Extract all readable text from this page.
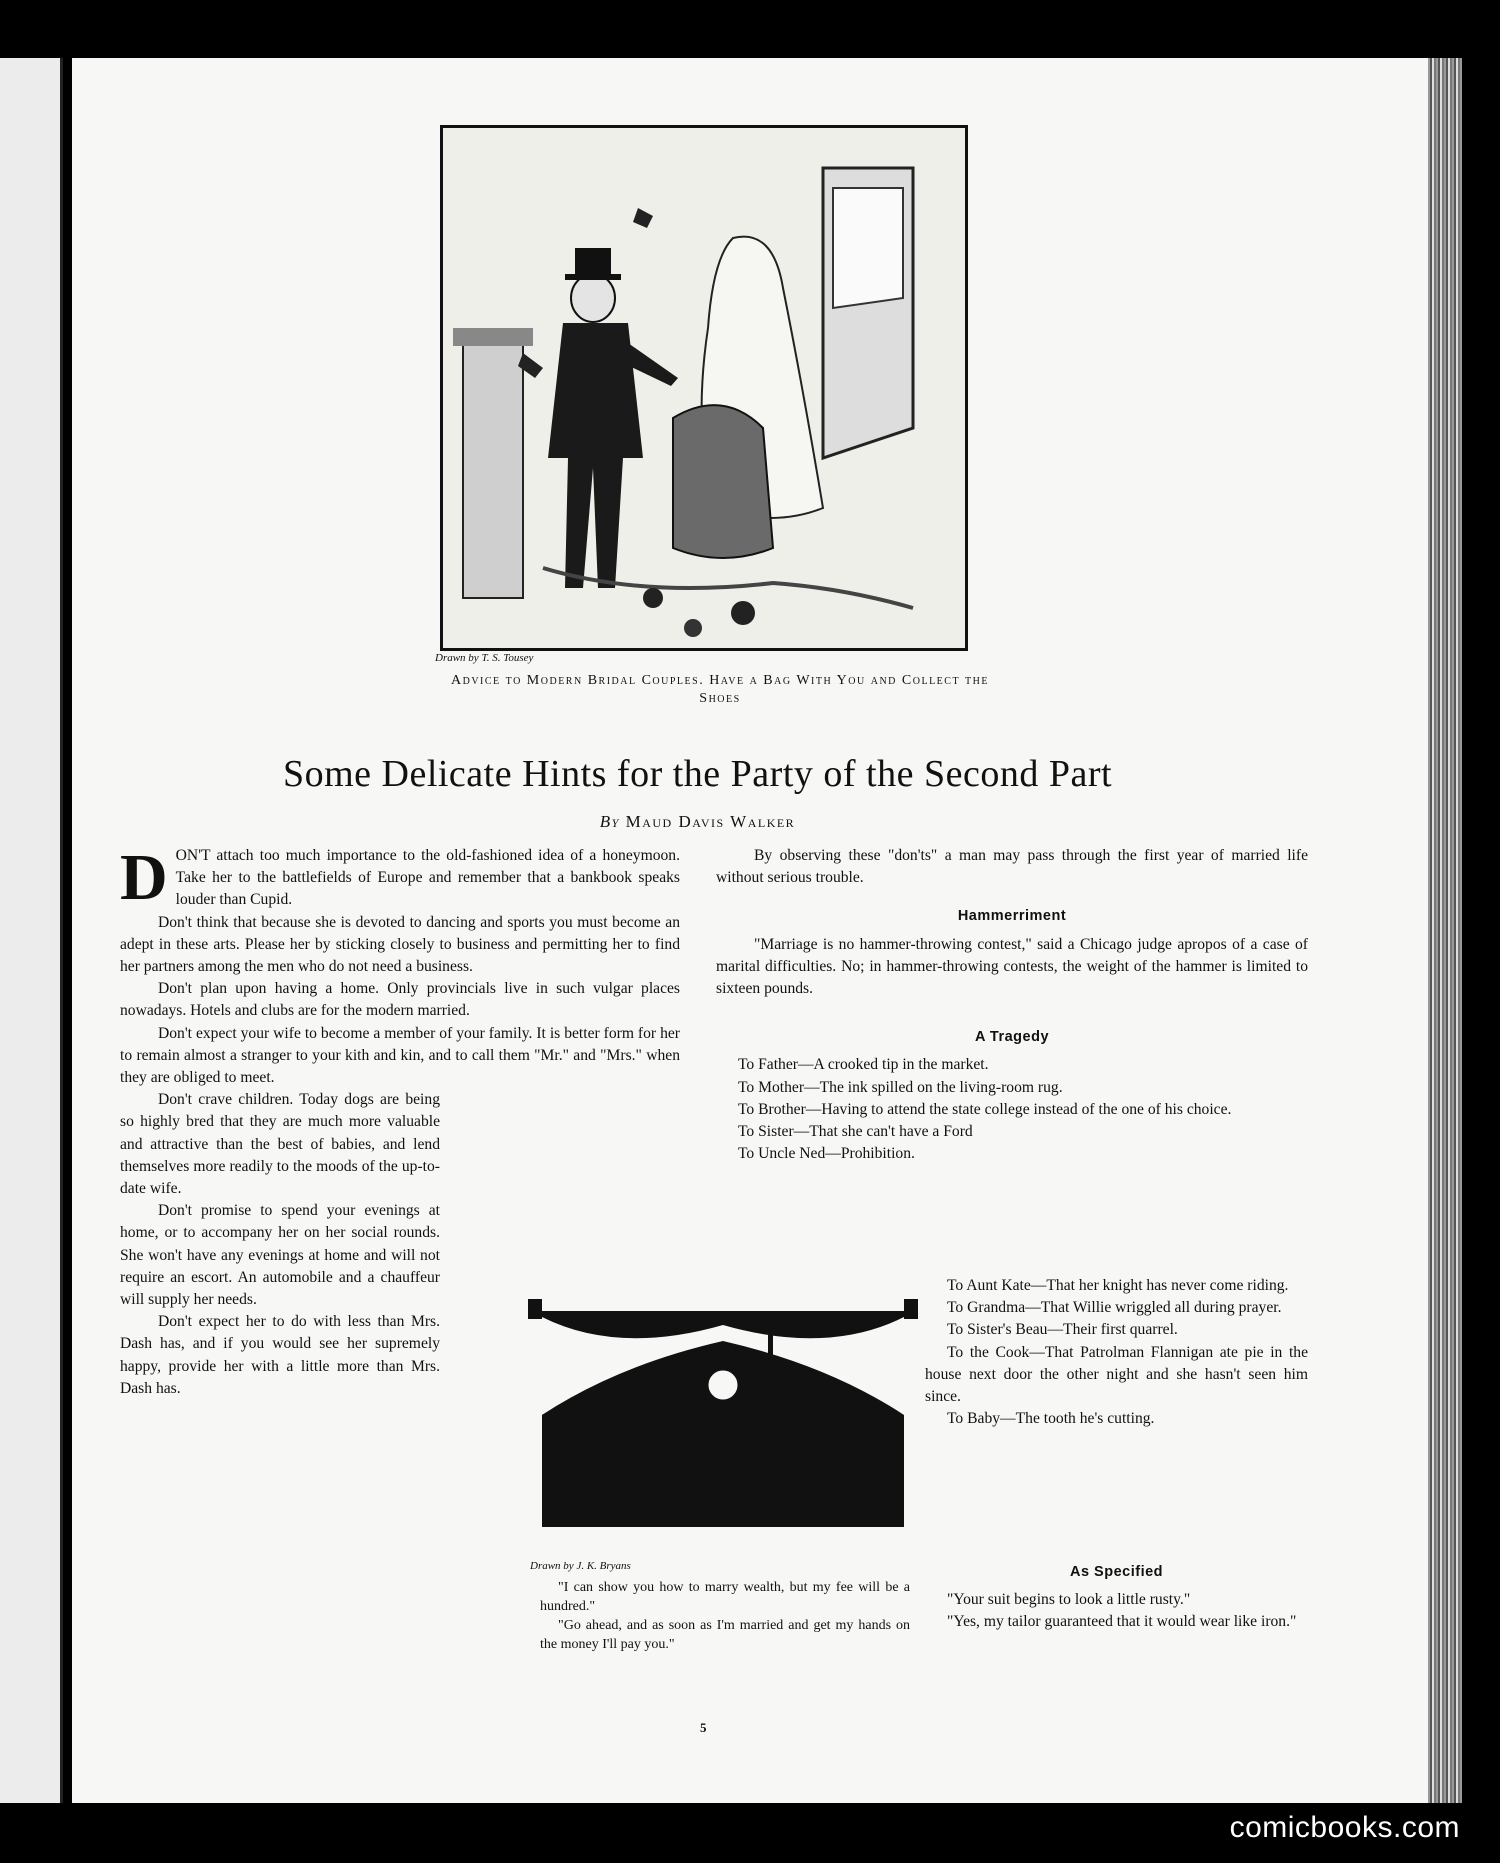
Drawn by T. S. Tousey
Advice to Modern Bridal Couples. Have a Bag With You and Collect the Shoes
Some Delicate Hints for the Party of the Second Part
By Maud Davis Walker

DON'T attach too much importance to the old-fashioned idea of a honeymoon. Take her to the battlefields of Europe and remember that a bankbook speaks louder than Cupid.

Don't think that because she is devoted to dancing and sports you must become an adept in these arts. Please her by sticking closely to business and permitting her to find her partners among the men who do not need a business.

Don't plan upon having a home. Only provincials live in such vulgar places nowadays. Hotels and clubs are for the modern married.

Don't expect your wife to become a member of your family. It is better form for her to remain almost a stranger to your kith and kin, and to call them "Mr." and "Mrs." when they are obliged to meet.

Don't crave children. Today dogs are being so highly bred that they are much more valuable and attractive than the best of babies, and lend themselves more readily to the moods of the up-to-date wife.

Don't promise to spend your evenings at home, or to accompany her on her social rounds. She won't have any evenings at home and will not require an escort. An automobile and a chauffeur will supply her needs.

Don't expect her to do with less than Mrs. Dash has, and if you would see her supremely happy, provide her with a little more than Mrs. Dash has.

By observing these "don'ts" a man may pass through the first year of married life without serious trouble.

Hammerriment

"Marriage is no hammer-throwing contest," said a Chicago judge apropos of a case of marital difficulties. No; in hammer-throwing contests, the weight of the hammer is limited to sixteen pounds.

A Tragedy

To Father—A crooked tip in the market.

To Mother—The ink spilled on the living-room rug.

To Brother—Having to attend the state college instead of the one of his choice.

To Sister—That she can't have a Ford

To Uncle Ned—Prohibition.

To Aunt Kate—That her knight has never come riding.

To Grandma—That Willie wriggled all during prayer.

To Sister's Beau—Their first quarrel.

To the Cook—That Patrolman Flannigan ate pie in the house next door the other night and she hasn't seen him since.

To Baby—The tooth he's cutting.

As Specified

"Your suit begins to look a little rusty."

"Yes, my tailor guaranteed that it would wear like iron."

Drawn by J. K. Bryans

"I can show you how to marry wealth, but my fee will be a hundred."

"Go ahead, and as soon as I'm married and get my hands on the money I'll pay you."

5
comicbooks.com
